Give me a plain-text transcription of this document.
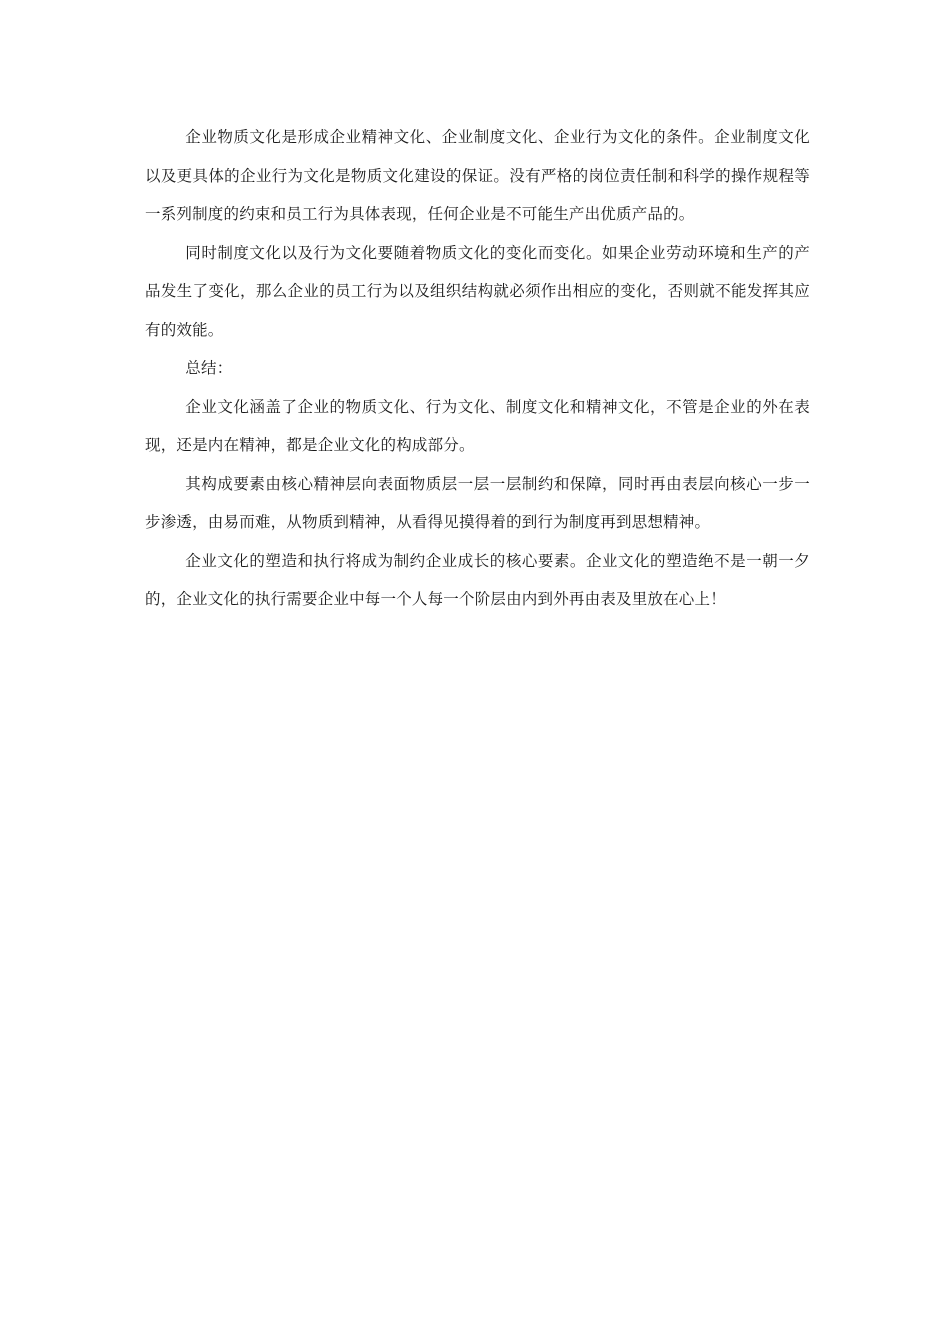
企业物质文化是形成企业精神文化、企业制度文化、企业行为文化的条件。企业制度文化以及更具体的企业行为文化是物质文化建设的保证。没有严格的岗位责任制和科学的操作规程等一系列制度的约束和员工行为具体表现，任何企业是不可能生产出优质产品的。

同时制度文化以及行为文化要随着物质文化的变化而变化。如果企业劳动环境和生产的产品发生了变化，那么企业的员工行为以及组织结构就必须作出相应的变化，否则就不能发挥其应有的效能。

总结：

企业文化涵盖了企业的物质文化、行为文化、制度文化和精神文化，不管是企业的外在表现，还是内在精神，都是企业文化的构成部分。

其构成要素由核心精神层向表面物质层一层一层制约和保障，同时再由表层向核心一步一步渗透，由易而难，从物质到精神，从看得见摸得着的到行为制度再到思想精神。

企业文化的塑造和执行将成为制约企业成长的核心要素。企业文化的塑造绝不是一朝一夕的，企业文化的执行需要企业中每一个人每一个阶层由内到外再由表及里放在心上！
